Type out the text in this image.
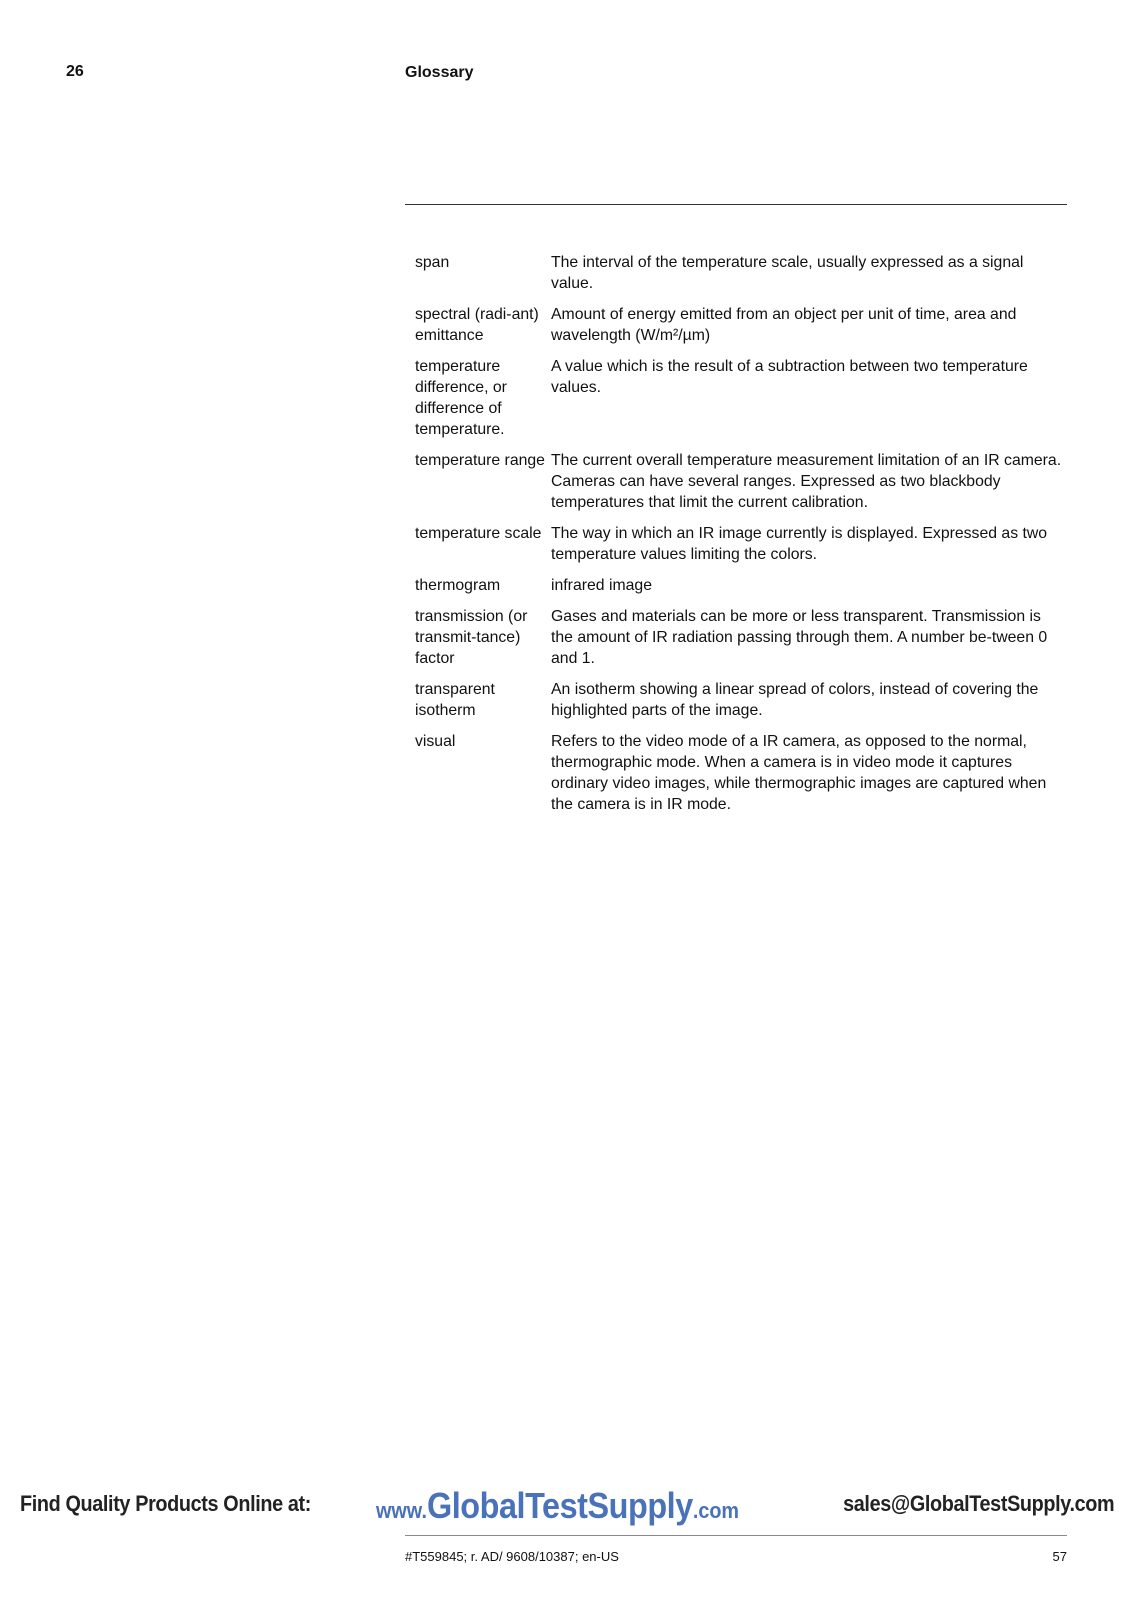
26	Glossary
span	The interval of the temperature scale, usually expressed as a signal value.
spectral (radi-ant) emittance	Amount of energy emitted from an object per unit of time, area and wavelength (W/m²/µm)
temperature difference, or difference of temperature.	A value which is the result of a subtraction between two temperature values.
temperature range	The current overall temperature measurement limitation of an IR camera. Cameras can have several ranges. Expressed as two blackbody temperatures that limit the current calibration.
temperature scale	The way in which an IR image currently is displayed. Expressed as two temperature values limiting the colors.
thermogram	infrared image
transmission (or transmit-tance) factor	Gases and materials can be more or less transparent. Transmission is the amount of IR radiation passing through them. A number be-tween 0 and 1.
transparent isotherm	An isotherm showing a linear spread of colors, instead of covering the highlighted parts of the image.
visual	Refers to the video mode of a IR camera, as opposed to the normal, thermographic mode. When a camera is in video mode it captures ordinary video images, while thermographic images are captured when the camera is in IR mode.
Find Quality Products Online at:	www.GlobalTestSupply.com	sales@GlobalTestSupply.com
#T559845; r. AD/ 9608/10387; en-US	57
